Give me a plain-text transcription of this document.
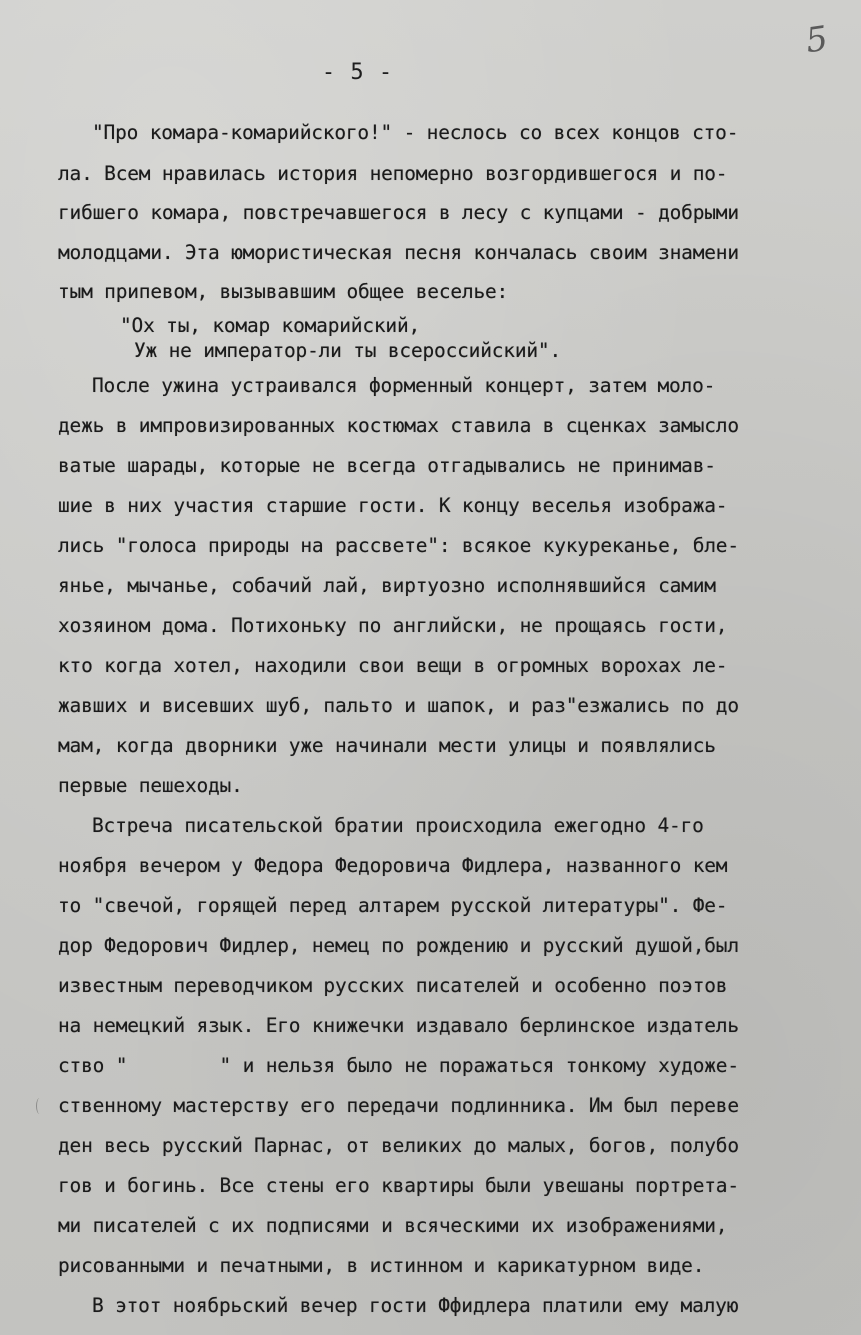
5
- 5 -
"Про комара-комарийского!" - неслось со всех концов сто-
ла. Всем нравилась история непомерно возгордившегося и по-
гибшего комара, повстречавшегося в лесу с купцами - добрыми
молодцами. Эта юмористическая песня кончалась своим знамени
тым припевом, вызывавшим общее веселье:
"Ох ты, комар комарийский,
Уж не император-ли ты всероссийский".
После ужина устраивался форменный концерт, затем моло-
дежь в импровизированных костюмах ставила в сценках замысло
ватые шарады, которые не всегда отгадывались не принимав-
шие в них участия старшие гости. К концу веселья изобража-
лись "голоса природы на рассвете": всякое кукуреканье, бле-
янье, мычанье, собачий лай, виртуозно исполнявшийся самим
хозяином дома. Потихоньку по английски, не прощаясь гости,
кто когда хотел, находили свои вещи в огромных ворохах ле-
жавших и висевших шуб, пальто и шапок, и раз"езжались по до
мам, когда дворники уже начинали мести улицы и появлялись
первые пешеходы.
Встреча писательской братии происходила ежегодно 4-го
ноября вечером у Федора Федоровича Фидлера, названного кем
то "свечой, горящей перед алтарем русской литературы". Фе-
дор Федорович Фидлер, немец по рождению и русский душой,был
известным переводчиком русских писателей и особенно поэтов
на немецкий язык. Его книжечки издавало берлинское издатель
ство "        " и нельзя было не поражаться тонкому художе-
ственному мастерству его передачи подлинника. Им был переве
ден весь русский Парнас, от великих до малых, богов, полубо
гов и богинь. Все стены его квартиры были увешаны портрета-
ми писателей с их подписями и всяческими их изображениями,
рисованными и печатными, в истинном и карикатурном виде.
В этот ноябрьский вечер гости Ффидлера платили ему малую
